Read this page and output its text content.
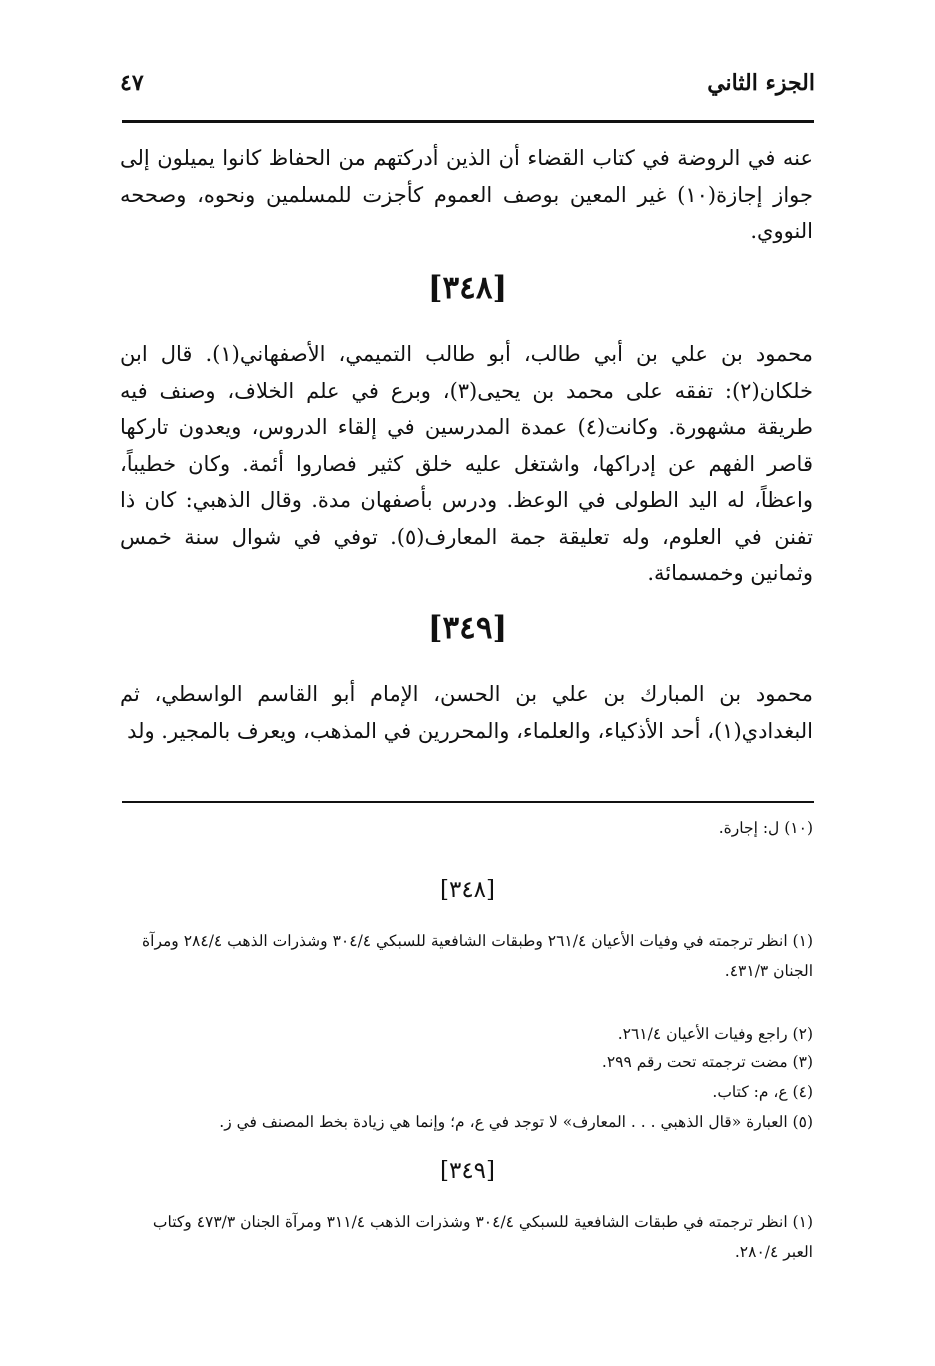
الجزء الثاني
٤٧

عنه في الروضة في كتاب القضاء أن الذين أدركتهم من الحفاظ كانوا يميلون إلى جواز إجازة(١٠) غير المعين بوصف العموم كأجزت للمسلمين ونحوه، وصححه النووي.

[٣٤٨]

محمود بن علي بن أبي طالب، أبو طالب التميمي، الأصفهاني(١). قال ابن خلكان(٢): تفقه على محمد بن يحيى(٣)، وبرع في علم الخلاف، وصنف فيه طريقة مشهورة. وكانت(٤) عمدة المدرسين في إلقاء الدروس، ويعدون تاركها قاصر الفهم عن إدراكها، واشتغل عليه خلق كثير فصاروا أئمة. وكان خطيباً، واعظاً، له اليد الطولى في الوعظ. ودرس بأصفهان مدة. وقال الذهبي: كان ذا تفنن في العلوم، وله تعليقة جمة المعارف(٥). توفي في شوال سنة خمس وثمانين وخمسمائة.

[٣٤٩]

محمود بن المبارك بن علي بن الحسن، الإمام أبو القاسم الواسطي، ثم البغدادي(١)، أحد الأذكياء، والعلماء، والمحررين في المذهب، ويعرف بالمجير. ولد

(١٠) ل: إجارة.
[٣٤٨]
(١) انظر ترجمته في وفيات الأعيان ٢٦١/٤ وطبقات الشافعية للسبكي ٣٠٤/٤ وشذرات الذهب ٢٨٤/٤ ومرآة الجنان ٤٣١/٣.
(٢) راجع وفيات الأعيان ٢٦١/٤.
(٣) مضت ترجمته تحت رقم ٢٩٩.
(٤) ع، م: كتاب.
(٥) العبارة «قال الذهبي . . . المعارف» لا توجد في ع، م؛ وإنما هي زيادة بخط المصنف في ز.
[٣٤٩]
(١) انظر ترجمته في طبقات الشافعية للسبكي ٣٠٤/٤ وشذرات الذهب ٣١١/٤ ومرآة الجنان ٤٧٣/٣ وكتاب العبر ٢٨٠/٤.
